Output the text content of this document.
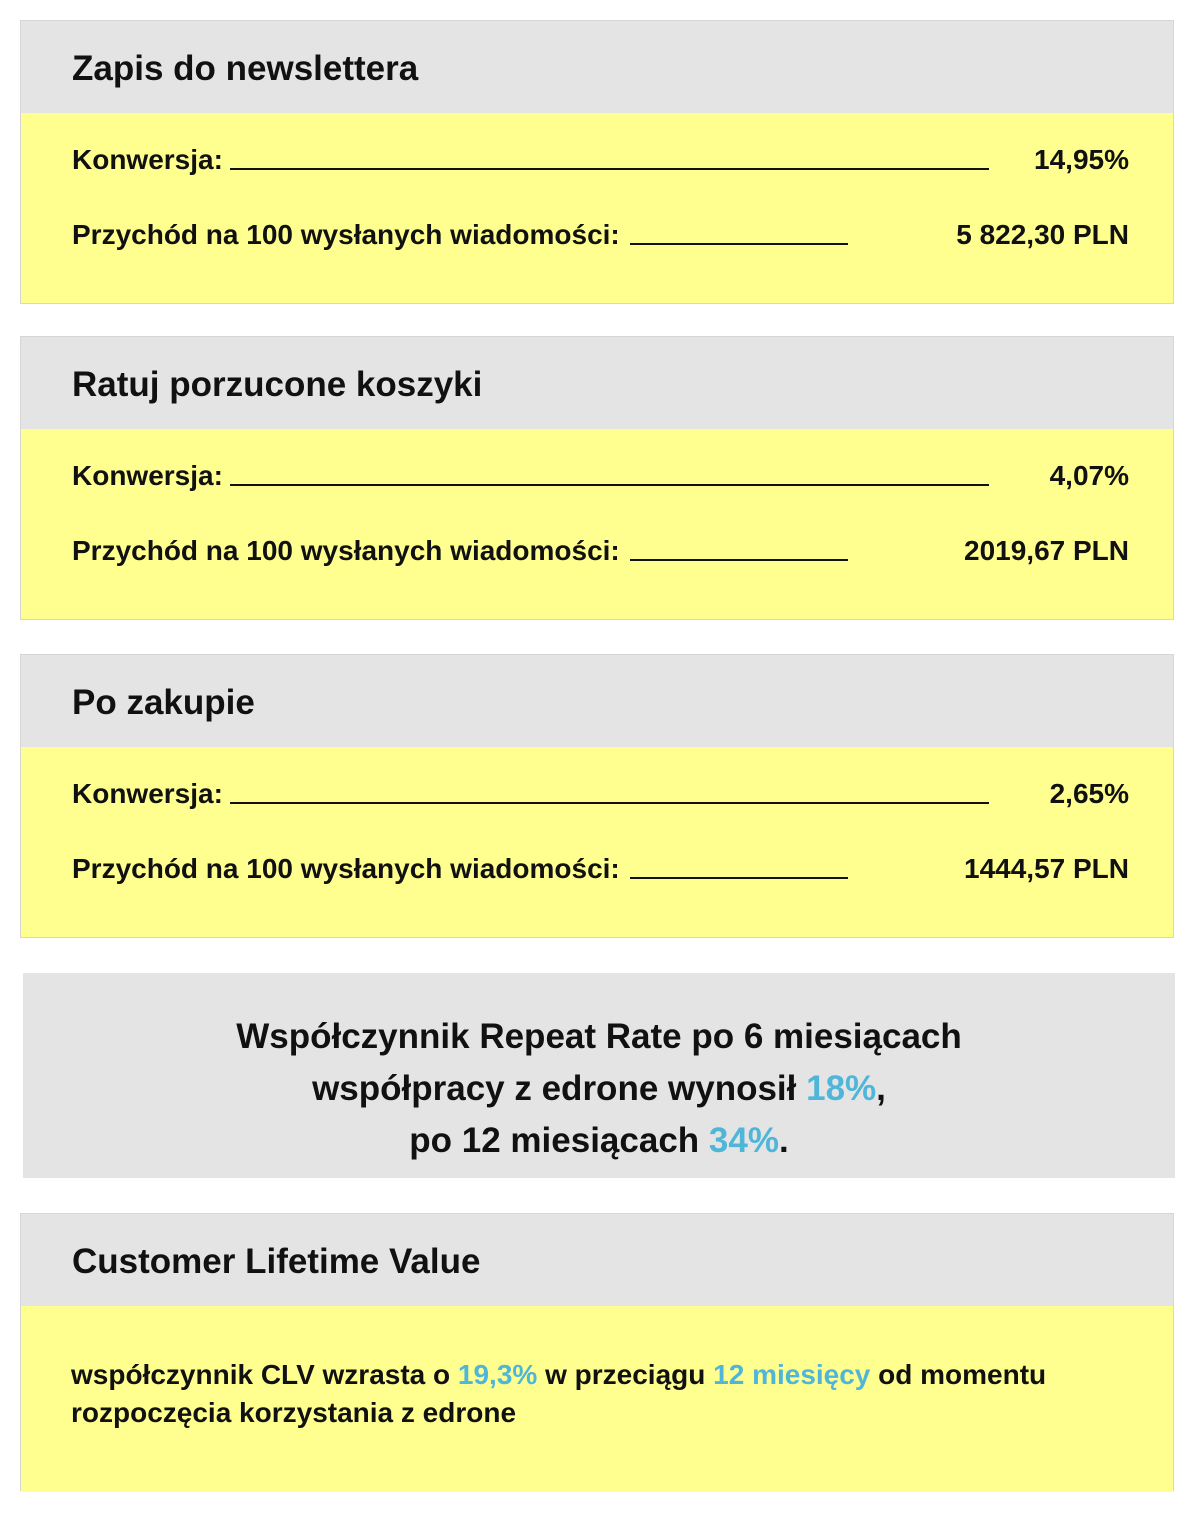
Zapis do newslettera
Konwersja:	14,95%
Przychód na 100 wysłanych wiadomości:	5 822,30 PLN
Ratuj porzucone koszyki
Konwersja:	4,07%
Przychód na 100 wysłanych wiadomości:	2019,67 PLN
Po zakupie
Konwersja:	2,65%
Przychód na 100 wysłanych wiadomości:	1444,57 PLN

Współczynnik Repeat Rate po 6 miesiącach
współpracy z edrone wynosił 18%,
po 12 miesiącach 34%.

Customer Lifetime Value

współczynnik CLV wzrasta o 19,3% w przeciągu 12 miesięcy od momentu rozpoczęcia korzystania z edrone
